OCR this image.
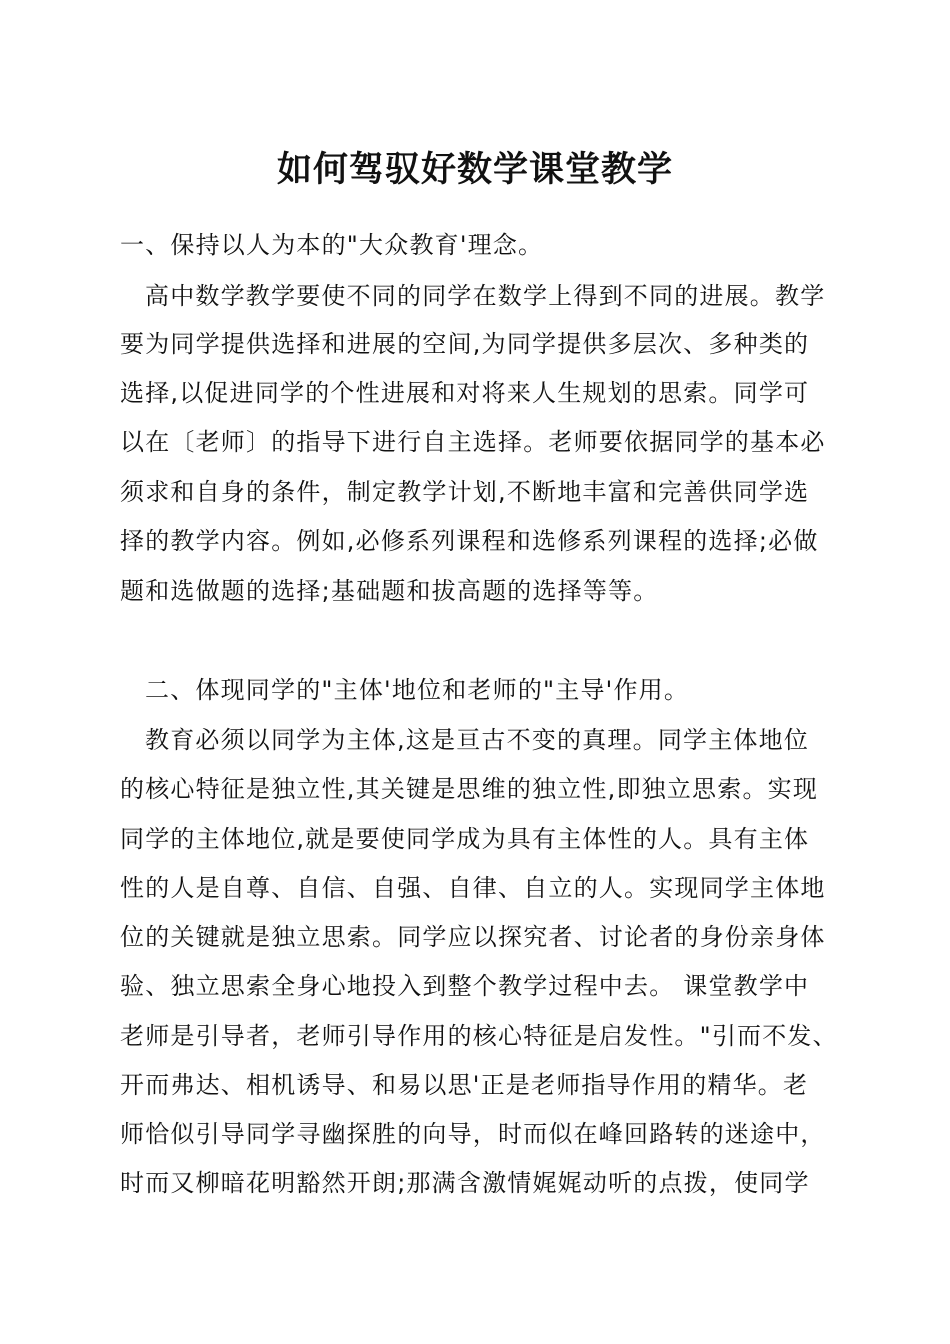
如何驾驭好数学课堂教学
一、保持以人为本的"大众教育'理念。
高中数学教学要使不同的同学在数学上得到不同的进展。教学
要为同学提供选择和进展的空间,为同学提供多层次、多种类的
选择,以促进同学的个性进展和对将来人生规划的思索。同学可
以在〔老师〕的指导下进行自主选择。老师要依据同学的基本必
须求和自身的条件，制定教学计划,不断地丰富和完善供同学选
择的教学内容。例如,必修系列课程和选修系列课程的选择;必做
题和选做题的选择;基础题和拔高题的选择等等。
二、体现同学的"主体'地位和老师的"主导'作用。
教育必须以同学为主体,这是亘古不变的真理。同学主体地位
的核心特征是独立性,其关键是思维的独立性,即独立思索。实现
同学的主体地位,就是要使同学成为具有主体性的人。具有主体
性的人是自尊、自信、自强、自律、自立的人。实现同学主体地
位的关键就是独立思索。同学应以探究者、讨论者的身份亲身体
验、独立思索全身心地投入到整个教学过程中去。 课堂教学中
老师是引导者，老师引导作用的核心特征是启发性。"引而不发、
开而弗达、相机诱导、和易以思'正是老师指导作用的精华。老
师恰似引导同学寻幽探胜的向导，时而似在峰回路转的迷途中，
时而又柳暗花明豁然开朗;那满含激情娓娓动听的点拨，使同学
